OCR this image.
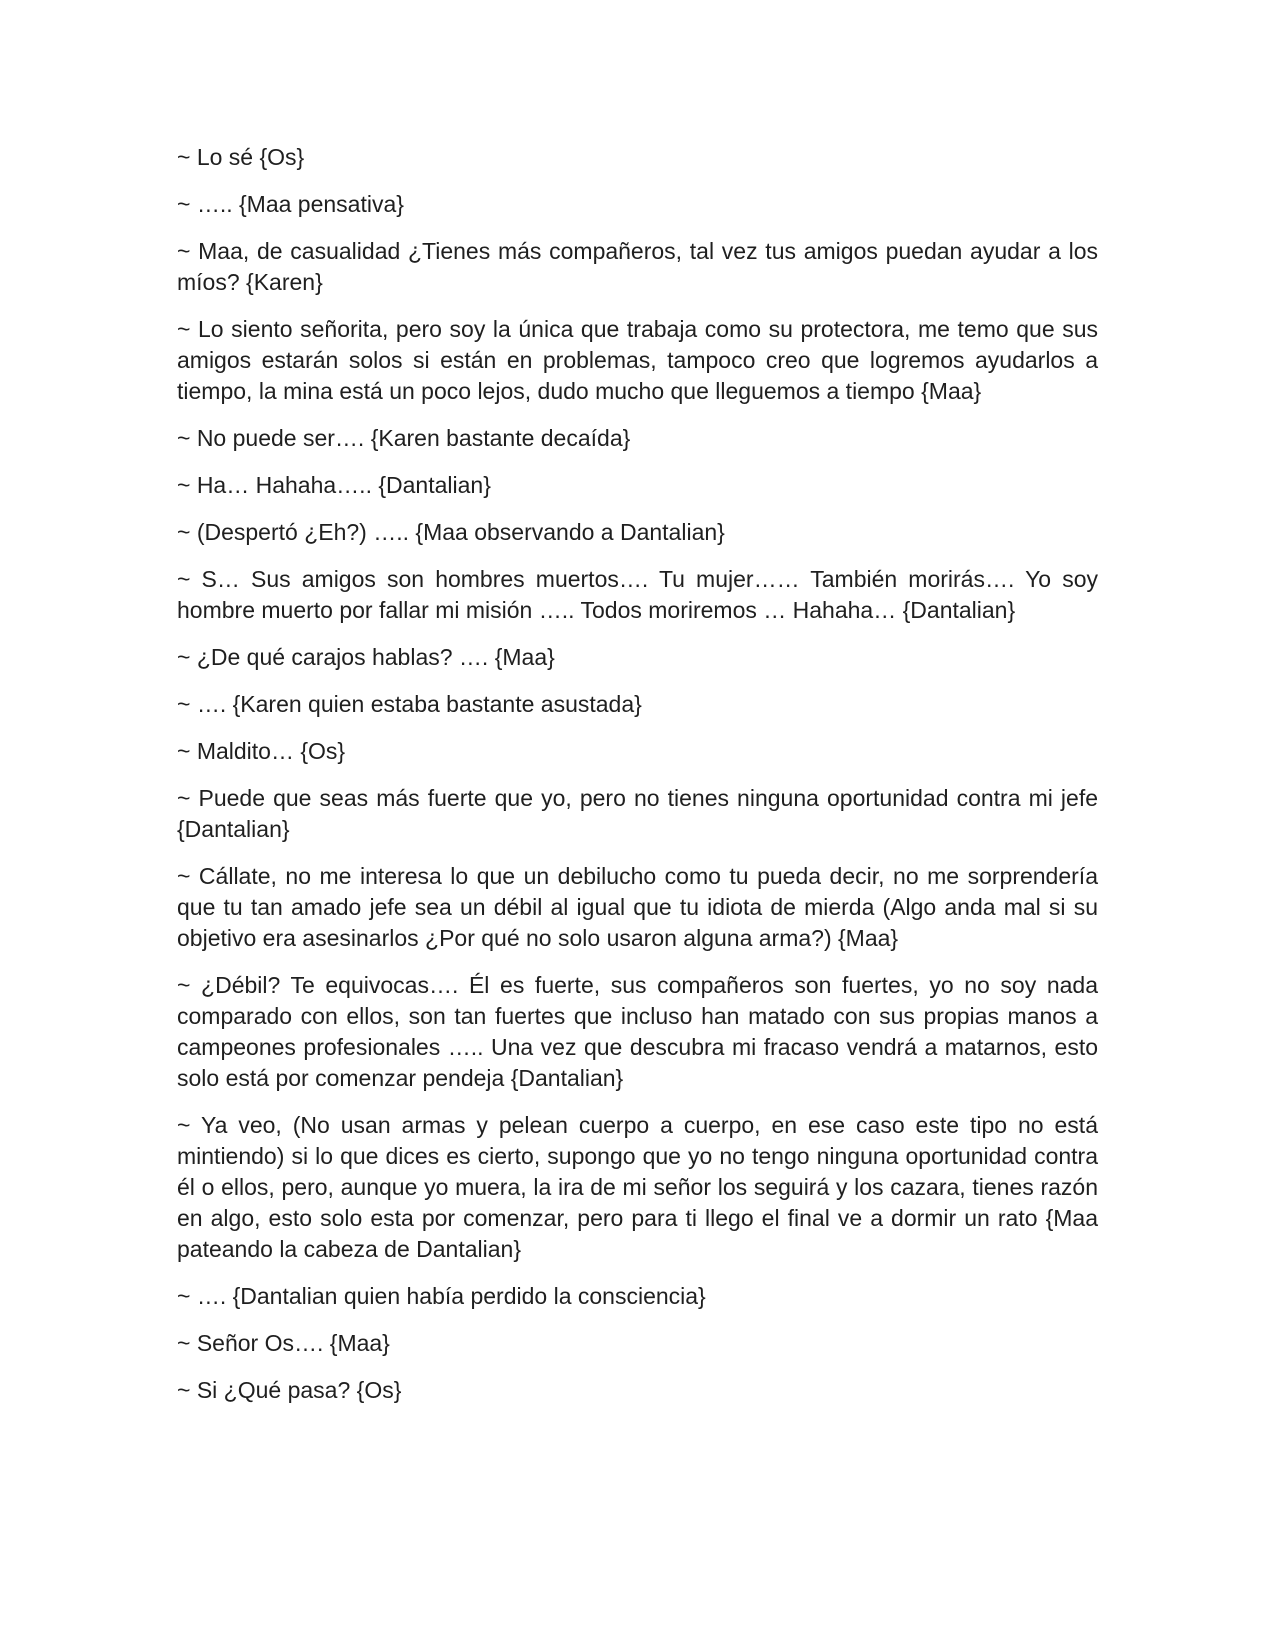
~ Lo sé {Os}

~ ….. {Maa pensativa}

~ Maa, de casualidad ¿Tienes más compañeros, tal vez tus amigos puedan ayudar a los míos? {Karen}

~ Lo siento señorita, pero soy la única que trabaja como su protectora, me temo que sus amigos estarán solos si están en problemas, tampoco creo que logremos ayudarlos a tiempo, la mina está un poco lejos, dudo mucho que lleguemos a tiempo {Maa}

~ No puede ser…. {Karen bastante decaída}

~ Ha… Hahaha….. {Dantalian}

~ (Despertó ¿Eh?) ….. {Maa observando a Dantalian}

~ S… Sus amigos son hombres muertos…. Tu mujer…… También morirás…. Yo soy hombre muerto por fallar mi misión ….. Todos moriremos … Hahaha… {Dantalian}

~ ¿De qué carajos hablas? …. {Maa}

~ …. {Karen quien estaba bastante asustada}

~ Maldito… {Os}

~ Puede que seas más fuerte que yo, pero no tienes ninguna oportunidad contra mi jefe {Dantalian}

~ Cállate, no me interesa lo que un debilucho como tu pueda decir, no me sorprendería que tu tan amado jefe sea un débil al igual que tu idiota de mierda (Algo anda mal si su objetivo era asesinarlos ¿Por qué no solo usaron alguna arma?) {Maa}

~ ¿Débil? Te equivocas…. Él es fuerte, sus compañeros son fuertes, yo no soy nada comparado con ellos, son tan fuertes que incluso han matado con sus propias manos a campeones profesionales ….. Una vez que descubra mi fracaso vendrá a matarnos, esto solo está por comenzar pendeja {Dantalian}

~ Ya veo, (No usan armas y pelean cuerpo a cuerpo, en ese caso este tipo no está mintiendo) si lo que dices es cierto, supongo que yo no tengo ninguna oportunidad contra él o ellos, pero, aunque yo muera, la ira de mi señor los seguirá y los cazara, tienes razón en algo, esto solo esta por comenzar, pero para ti llego el final ve a dormir un rato {Maa pateando la cabeza de Dantalian}

~ …. {Dantalian quien había perdido la consciencia}

~ Señor Os…. {Maa}

~ Si ¿Qué pasa? {Os}
